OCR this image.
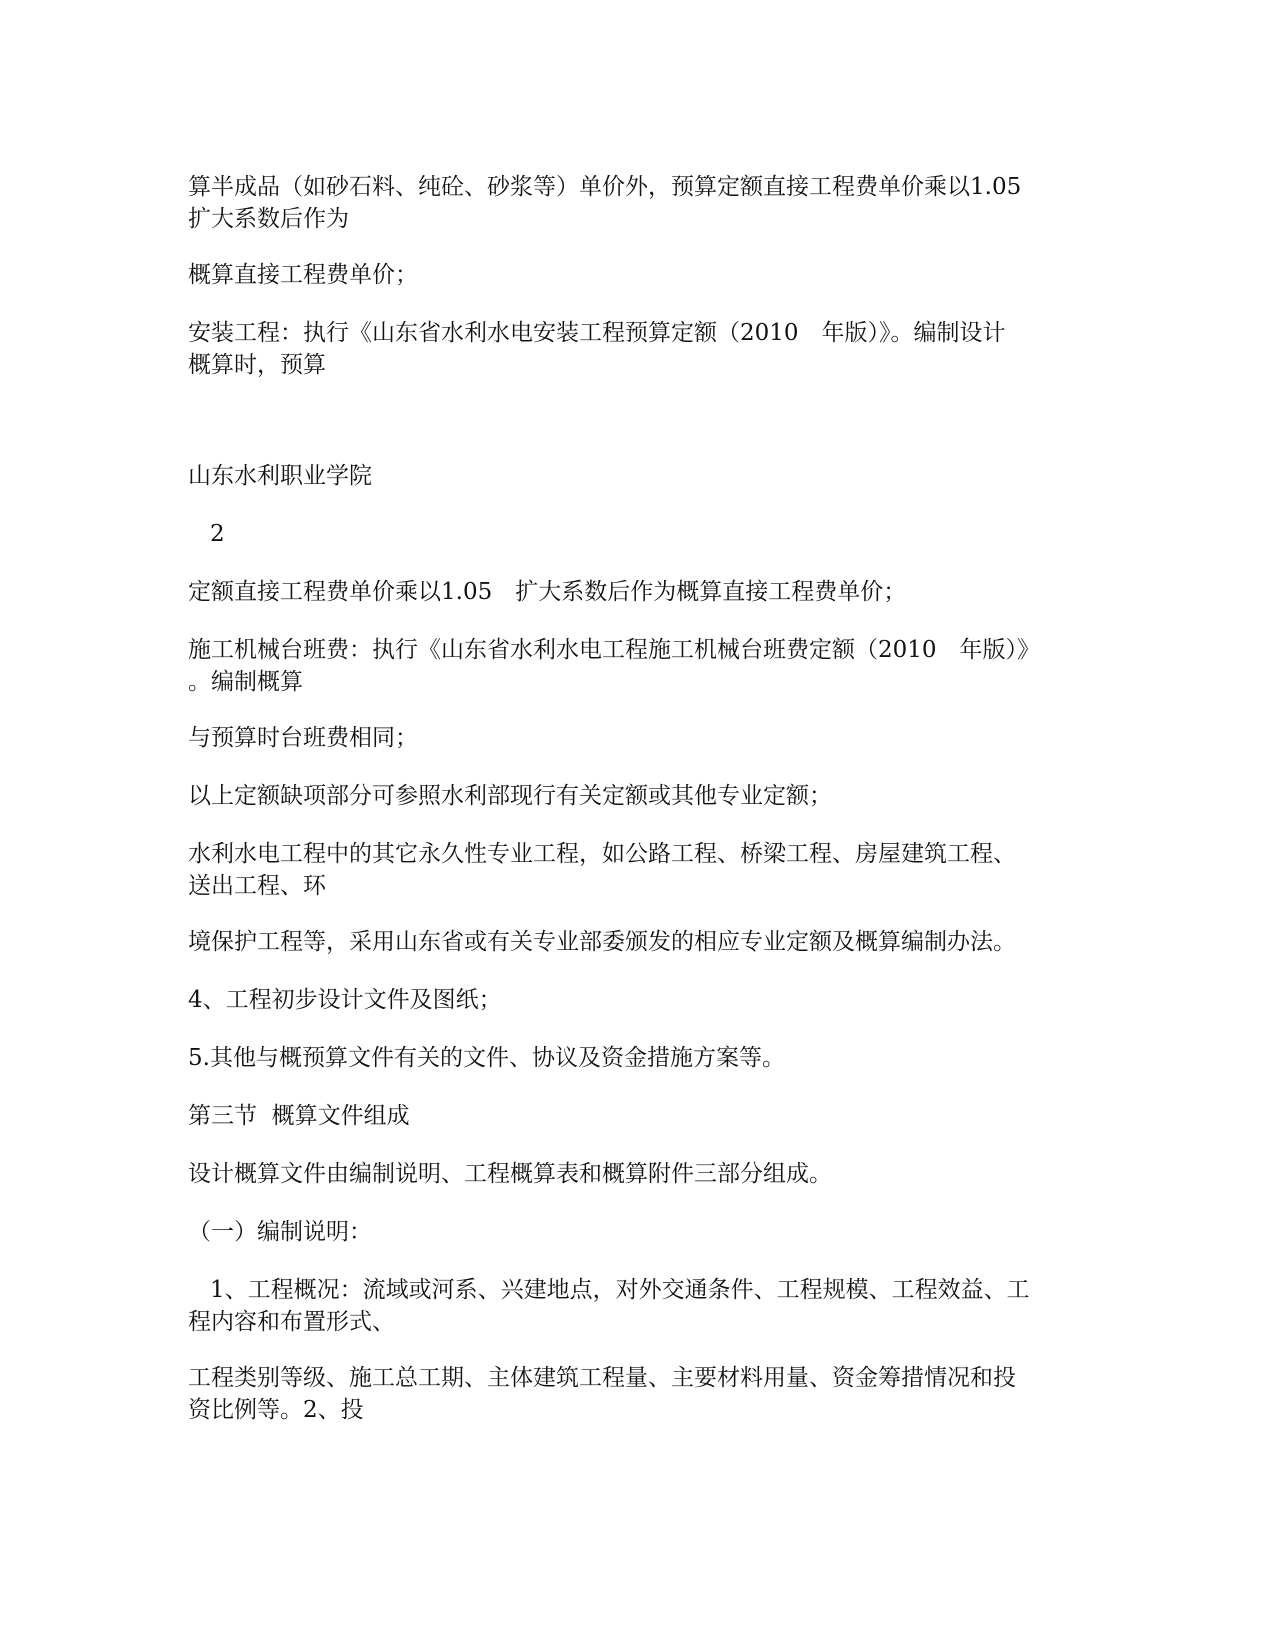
算半成品（如砂石料、纯砼、砂浆等）单价外，预算定额直接工程费单价乘以1.05
扩大系数后作为

概算直接工程费单价；

安装工程：执行《山东省水利水电安装工程预算定额（2010　年版）》。编制设计
概算时，预算

山东水利职业学院

2

定额直接工程费单价乘以1.05　扩大系数后作为概算直接工程费单价；

施工机械台班费：执行《山东省水利水电工程施工机械台班费定额（2010　年版）》
。编制概算

与预算时台班费相同；

以上定额缺项部分可参照水利部现行有关定额或其他专业定额；

水利水电工程中的其它永久性专业工程，如公路工程、桥梁工程、房屋建筑工程、
送出工程、环

境保护工程等，采用山东省或有关专业部委颁发的相应专业定额及概算编制办法。

4、工程初步设计文件及图纸；

5.其他与概预算文件有关的文件、协议及资金措施方案等。

第三节  概算文件组成

设计概算文件由编制说明、工程概算表和概算附件三部分组成。

（一）编制说明：

1、工程概况：流域或河系、兴建地点，对外交通条件、工程规模、工程效益、工
程内容和布置形式、

工程类别等级、施工总工期、主体建筑工程量、主要材料用量、资金筹措情况和投
资比例等。2、投
